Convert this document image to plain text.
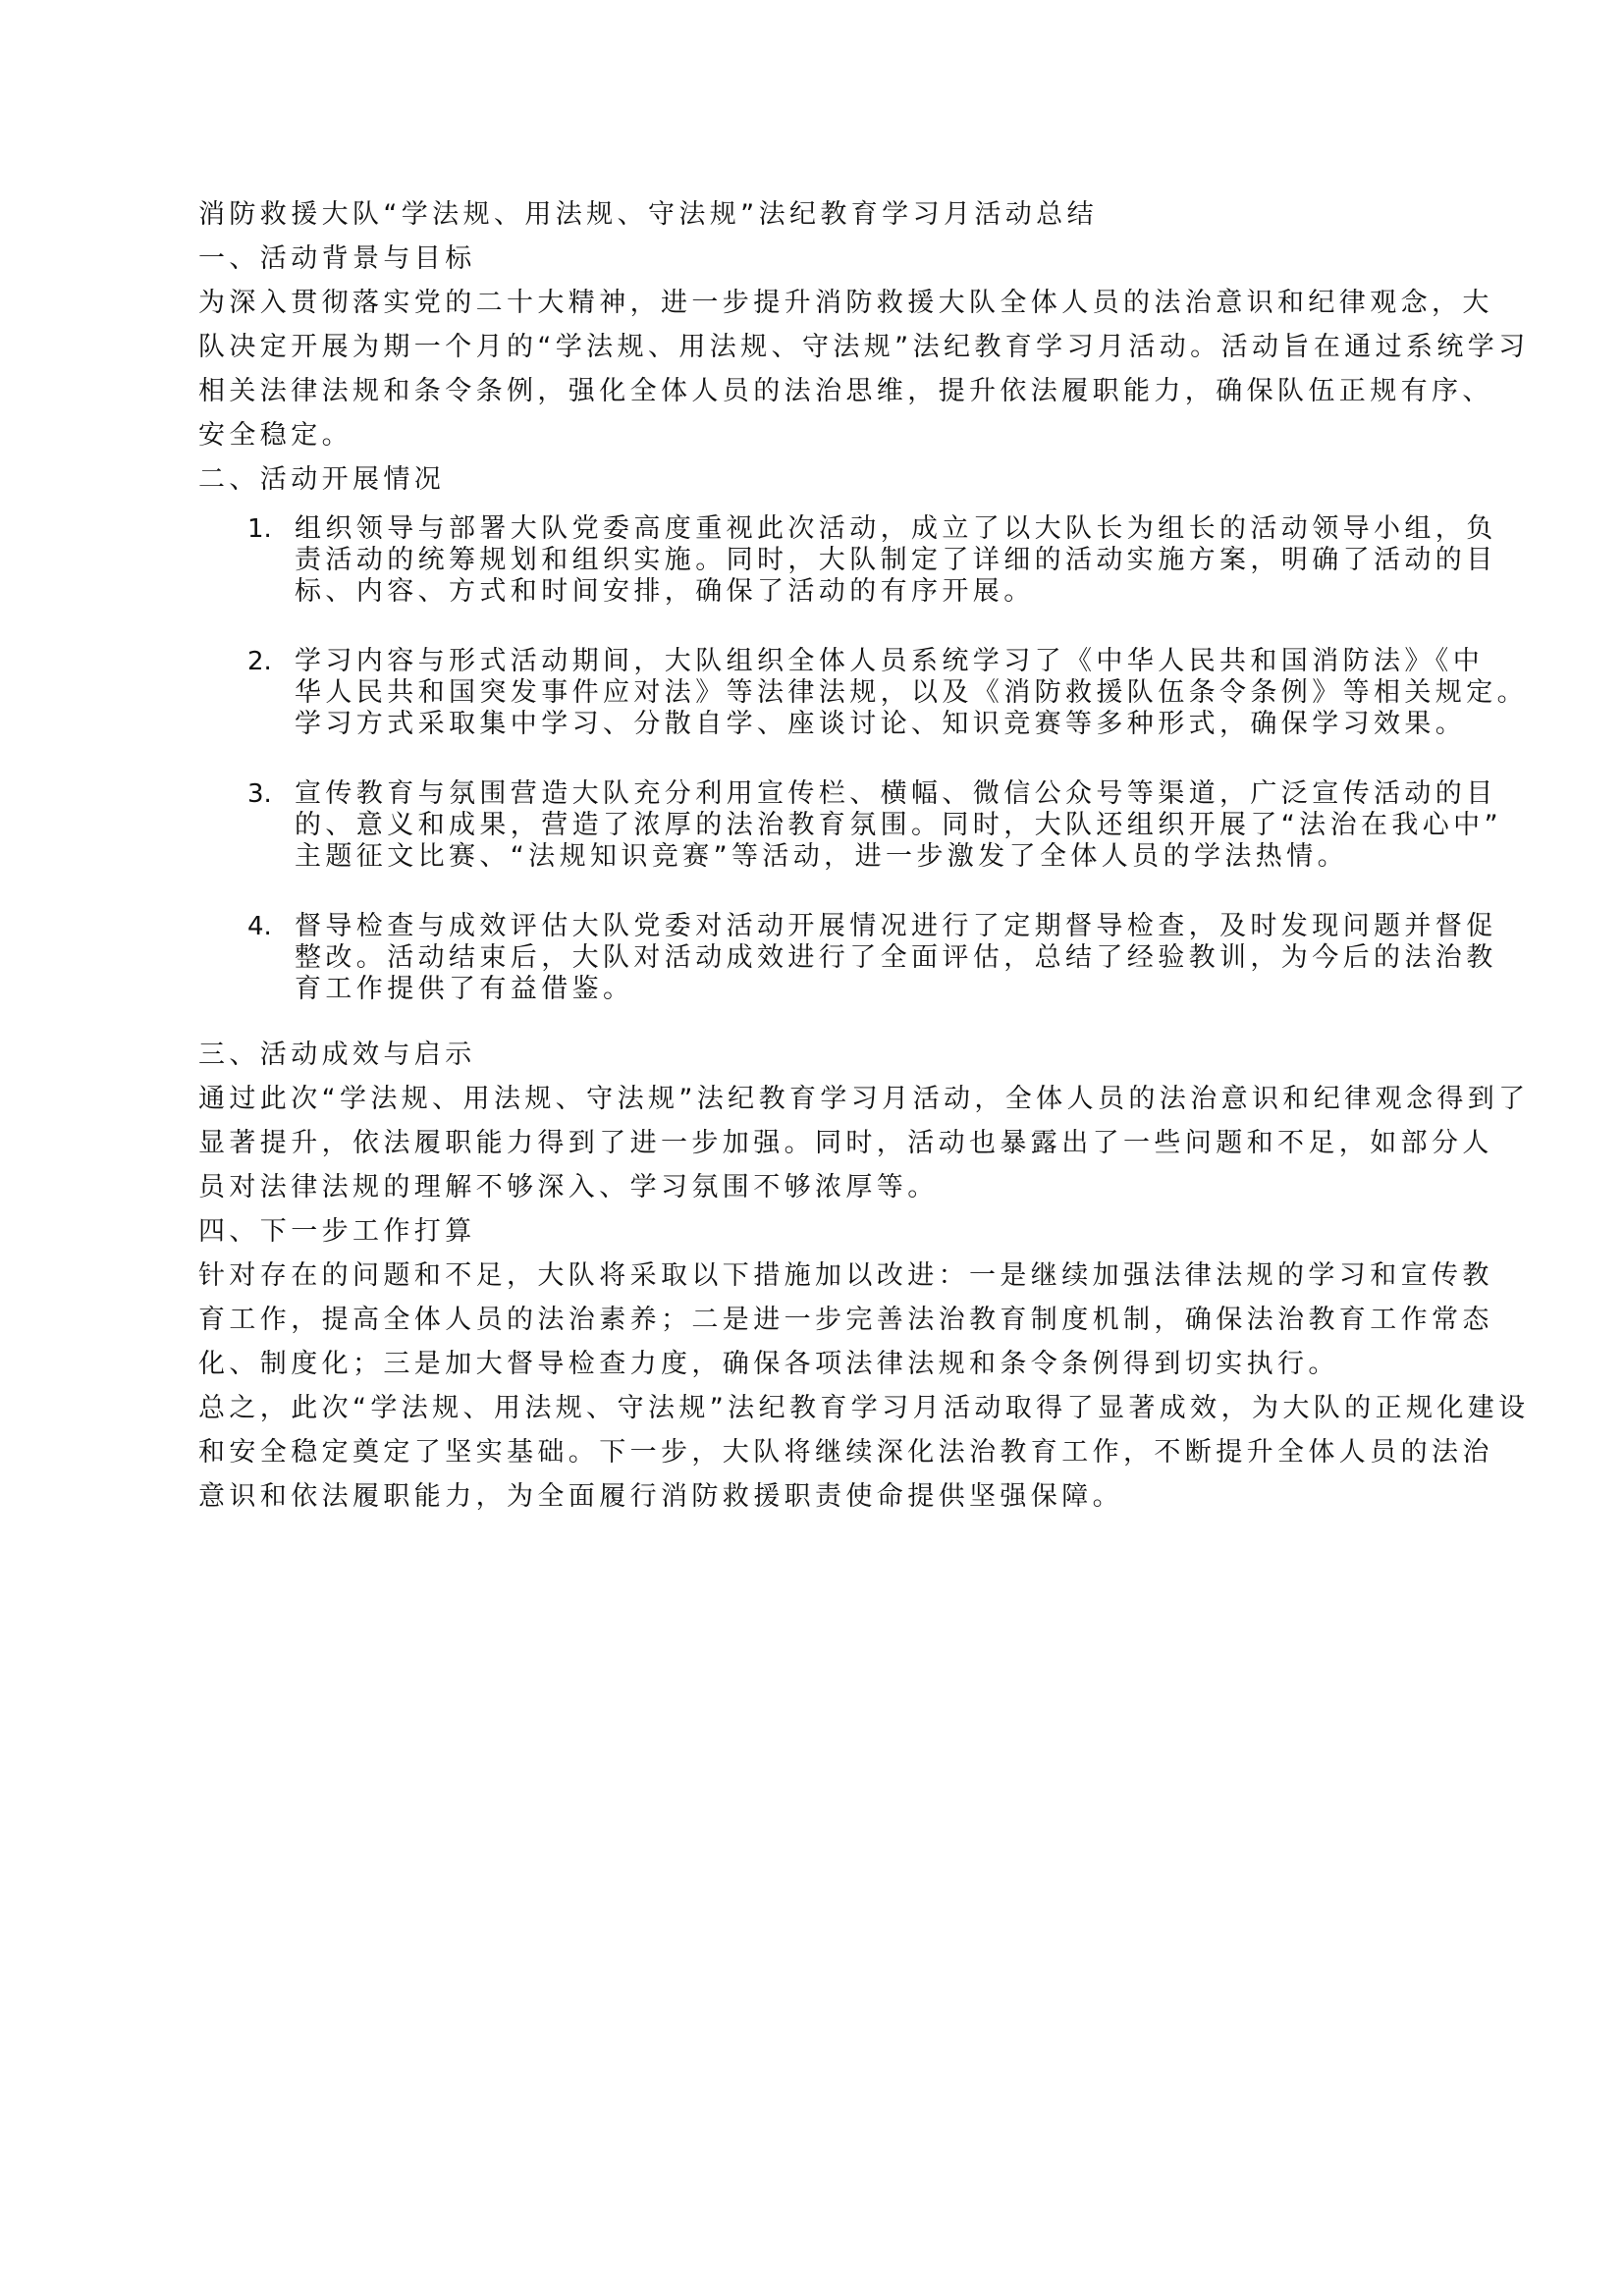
消防救援大队“学法规、用法规、守法规”法纪教育学习月活动总结
一、活动背景与目标
为深入贯彻落实党的二十大精神，进一步提升消防救援大队全体人员的法治意识和纪律观念，大
队决定开展为期一个月的“学法规、用法规、守法规”法纪教育学习月活动。活动旨在通过系统学习
相关法律法规和条令条例，强化全体人员的法治思维，提升依法履职能力，确保队伍正规有序、
安全稳定。
二、活动开展情况
1. 组织领导与部署大队党委高度重视此次活动，成立了以大队长为组长的活动领导小组，负
责活动的统筹规划和组织实施。同时，大队制定了详细的活动实施方案，明确了活动的目
标、内容、方式和时间安排，确保了活动的有序开展。
2. 学习内容与形式活动期间，大队组织全体人员系统学习了《中华人民共和国消防法》《中
华人民共和国突发事件应对法》等法律法规，以及《消防救援队伍条令条例》等相关规定。
学习方式采取集中学习、分散自学、座谈讨论、知识竞赛等多种形式，确保学习效果。
3. 宣传教育与氛围营造大队充分利用宣传栏、横幅、微信公众号等渠道，广泛宣传活动的目
的、意义和成果，营造了浓厚的法治教育氛围。同时，大队还组织开展了“法治在我心中”
主题征文比赛、“法规知识竞赛”等活动，进一步激发了全体人员的学法热情。
4. 督导检查与成效评估大队党委对活动开展情况进行了定期督导检查，及时发现问题并督促
整改。活动结束后，大队对活动成效进行了全面评估，总结了经验教训，为今后的法治教
育工作提供了有益借鉴。
三、活动成效与启示
通过此次“学法规、用法规、守法规”法纪教育学习月活动，全体人员的法治意识和纪律观念得到了
显著提升，依法履职能力得到了进一步加强。同时，活动也暴露出了一些问题和不足，如部分人
员对法律法规的理解不够深入、学习氛围不够浓厚等。
四、下一步工作打算
针对存在的问题和不足，大队将采取以下措施加以改进：一是继续加强法律法规的学习和宣传教
育工作，提高全体人员的法治素养；二是进一步完善法治教育制度机制，确保法治教育工作常态
化、制度化；三是加大督导检查力度，确保各项法律法规和条令条例得到切实执行。
总之，此次“学法规、用法规、守法规”法纪教育学习月活动取得了显著成效，为大队的正规化建设
和安全稳定奠定了坚实基础。下一步，大队将继续深化法治教育工作，不断提升全体人员的法治
意识和依法履职能力，为全面履行消防救援职责使命提供坚强保障。
